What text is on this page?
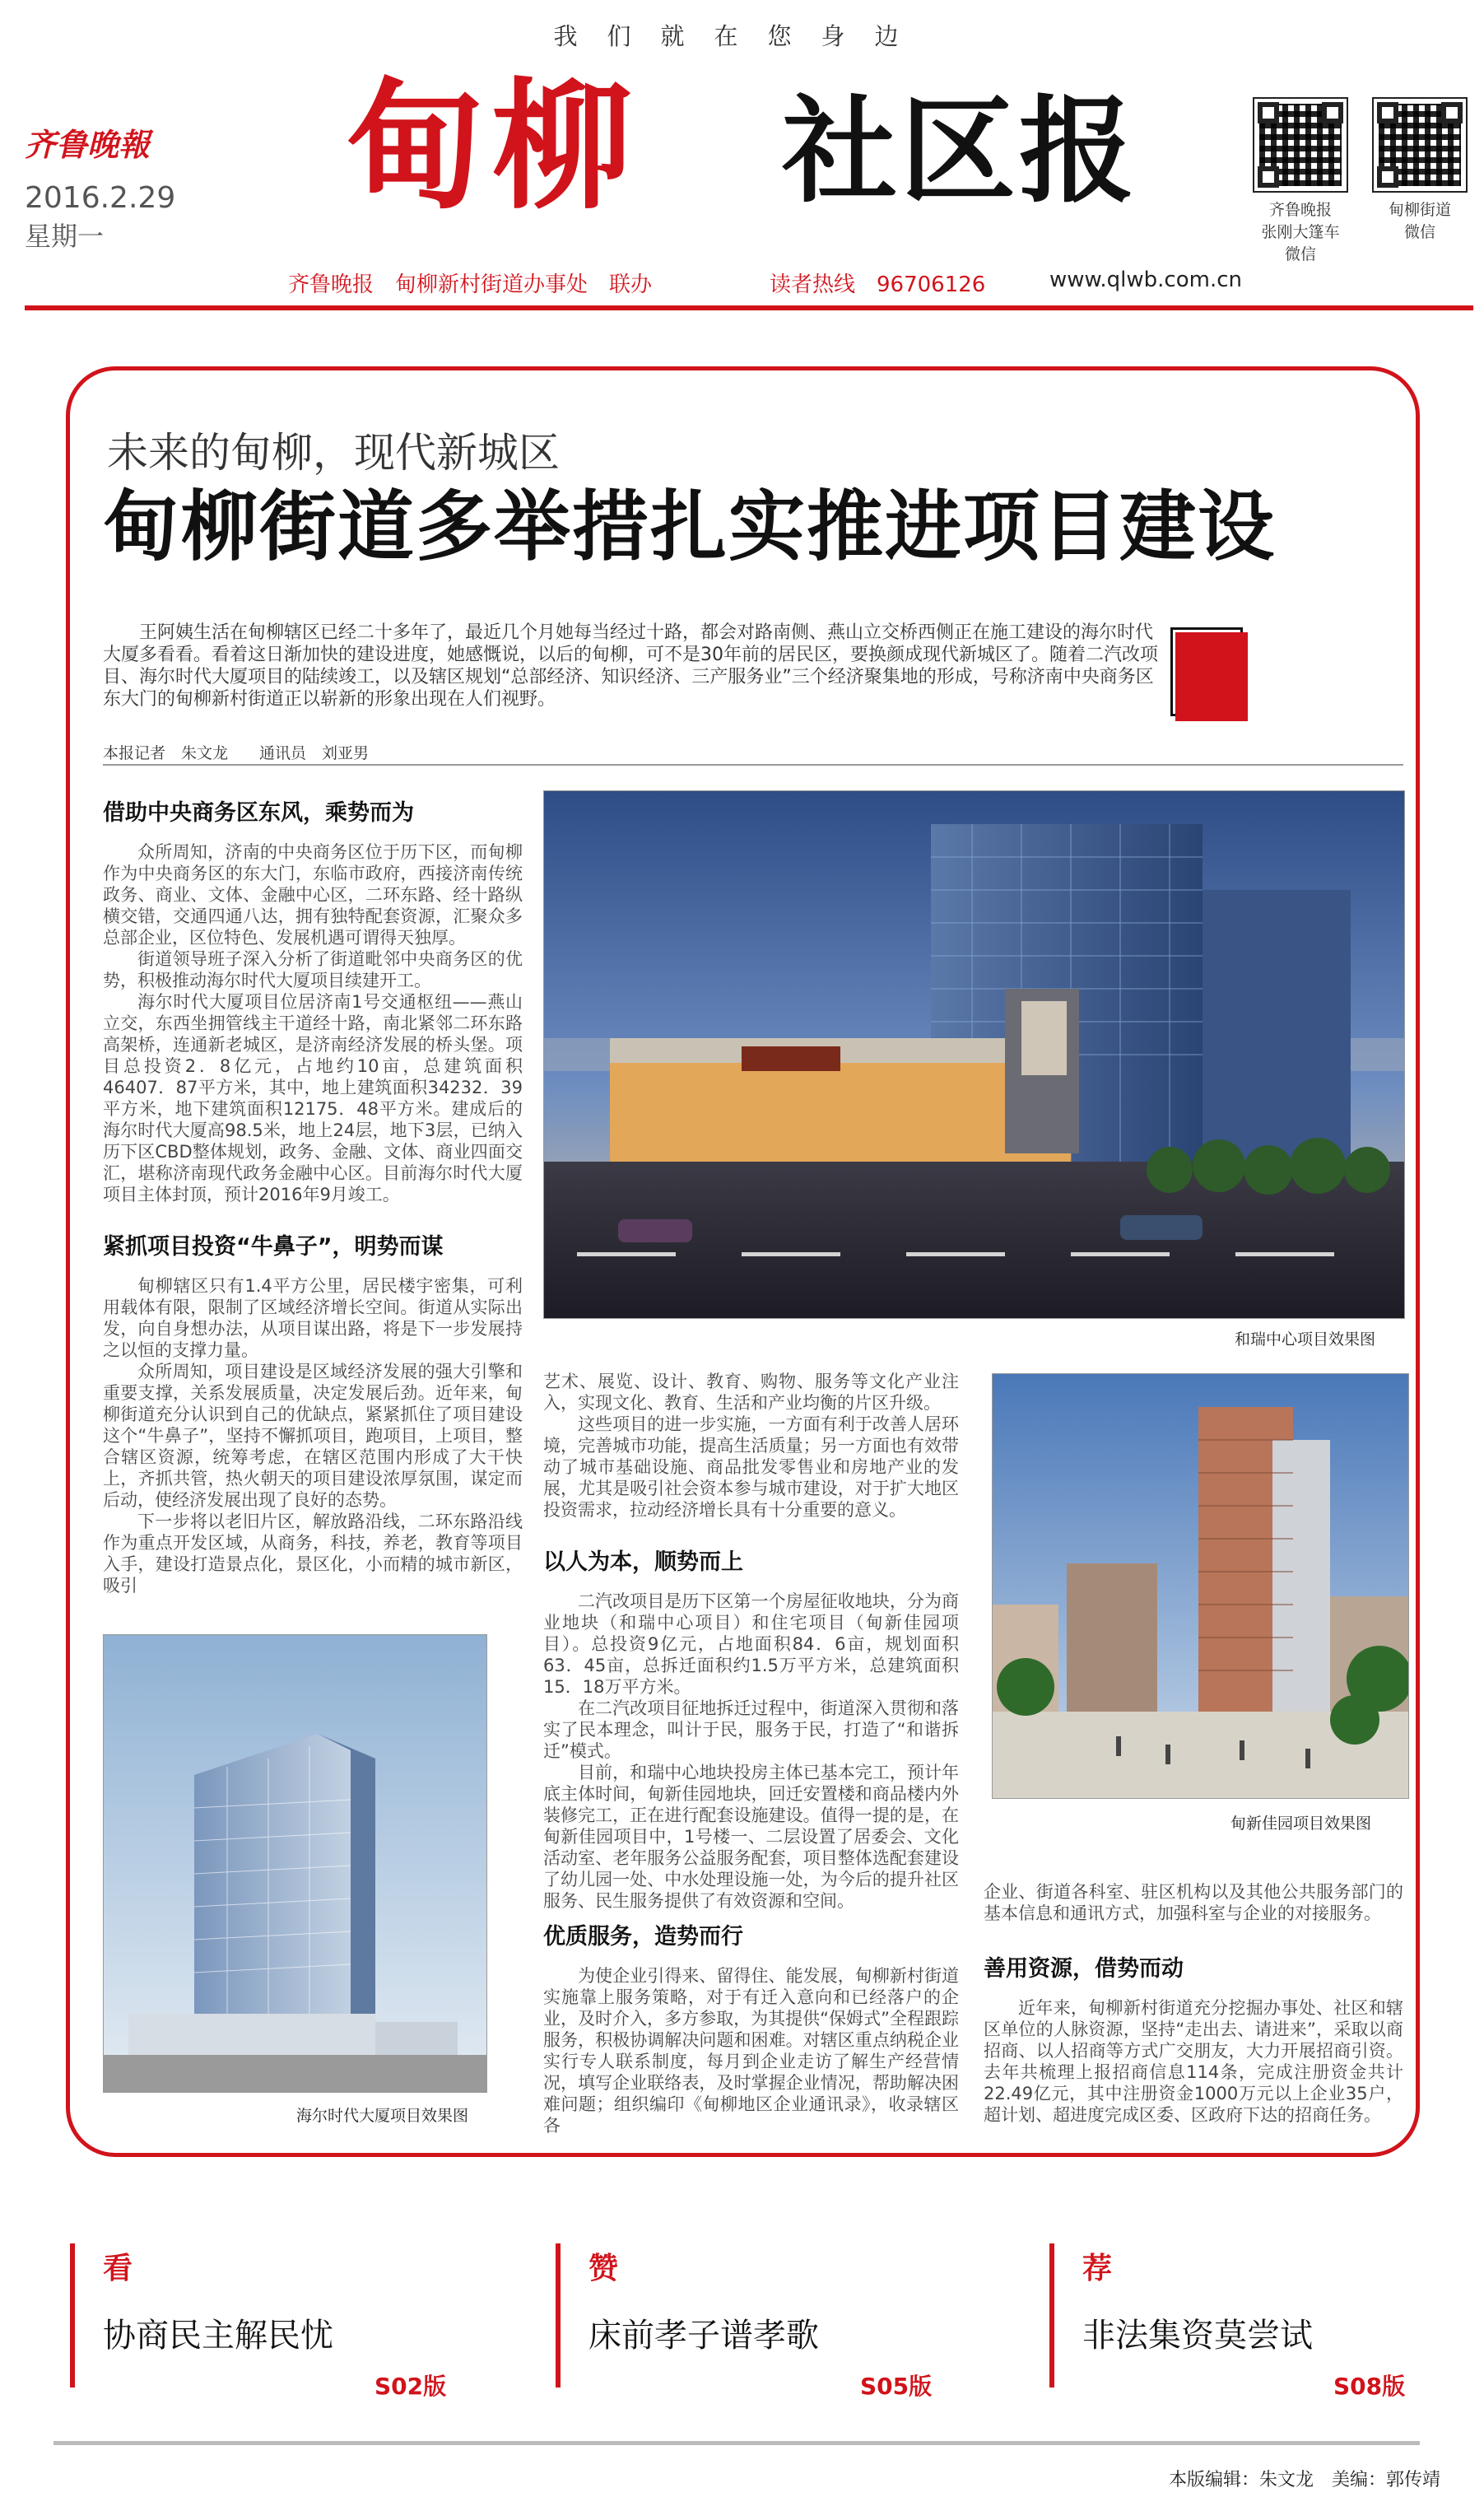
我们就在您身边
齐鲁晚報
2016.2.29
星期一
甸柳 社区报	齐鲁晚报
张刚大篷车
微信
甸柳街道
微信
齐鲁晚报　甸柳新村街道办事处　联办	读者热线　96706126	www.qlwb.com.cn
未来的甸柳，现代新城区
甸柳街道多举措扎实推进项目建设
王阿姨生活在甸柳辖区已经二十多年了，最近几个月她每当经过十路，都会对路南侧、燕山立交桥西侧正在施工建设的海尔时代大厦多看看。看着这日渐加快的建设进度，她感慨说，以后的甸柳，可不是30年前的居民区，要换颜成现代新城区了。随着二汽改项目、海尔时代大厦项目的陆续竣工，以及辖区规划“总部经济、知识经济、三产服务业”三个经济聚集地的形成，号称济南中央商务区东大门的甸柳新村街道正以崭新的形象出现在人们视野。
本报记者　朱文龙　　通讯员　刘亚男
借助中央商务区东风，乘势而为

众所周知，济南的中央商务区位于历下区，而甸柳作为中央商务区的东大门，东临市政府，西接济南传统政务、商业、文体、金融中心区，二环东路、经十路纵横交错，交通四通八达，拥有独特配套资源，汇聚众多总部企业，区位特色、发展机遇可谓得天独厚。

街道领导班子深入分析了街道毗邻中央商务区的优势，积极推动海尔时代大厦项目续建开工。

海尔时代大厦项目位居济南1号交通枢纽——燕山立交，东西坐拥管线主干道经十路，南北紧邻二环东路高架桥，连通新老城区，是济南经济发展的桥头堡。项目总投资2．8亿元，占地约10亩，总建筑面积46407．87平方米，其中，地上建筑面积34232．39平方米，地下建筑面积12175．48平方米。建成后的海尔时代大厦高98.5米，地上24层，地下3层，已纳入历下区CBD整体规划，政务、金融、文体、商业四面交汇，堪称济南现代政务金融中心区。目前海尔时代大厦项目主体封顶，预计2016年9月竣工。

紧抓项目投资“牛鼻子”，明势而谋

甸柳辖区只有1.4平方公里，居民楼宇密集，可利用载体有限，限制了区域经济增长空间。街道从实际出发，向自身想办法，从项目谋出路，将是下一步发展持之以恒的支撑力量。

众所周知，项目建设是区域经济发展的强大引擎和重要支撑，关系发展质量，决定发展后劲。近年来，甸柳街道充分认识到自己的优缺点，紧紧抓住了项目建设这个“牛鼻子”，坚持不懈抓项目，跑项目，上项目，整合辖区资源，统筹考虑，在辖区范围内形成了大干快上，齐抓共管，热火朝天的项目建设浓厚氛围，谋定而后动，使经济发展出现了良好的态势。

下一步将以老旧片区，解放路沿线，二环东路沿线作为重点开发区域，从商务，科技，养老，教育等项目入手，建设打造景点化，景区化，小而精的城市新区，吸引

和瑞中心项目效果图

艺术、展览、设计、教育、购物、服务等文化产业注入，实现文化、教育、生活和产业均衡的片区升级。

这些项目的进一步实施，一方面有利于改善人居环境，完善城市功能，提高生活质量；另一方面也有效带动了城市基础设施、商品批发零售业和房地产业的发展，尤其是吸引社会资本参与城市建设，对于扩大地区投资需求，拉动经济增长具有十分重要的意义。

以人为本，顺势而上

二汽改项目是历下区第一个房屋征收地块，分为商业地块（和瑞中心项目）和住宅项目（甸新佳园项目）。总投资9亿元，占地面积84．6亩，规划面积63．45亩，总拆迁面积约1.5万平方米，总建筑面积15．18万平方米。

在二汽改项目征地拆迁过程中，街道深入贯彻和落实了民本理念，叫计于民，服务于民，打造了“和谐拆迁”模式。

目前，和瑞中心地块投房主体已基本完工，预计年底主体时间，甸新佳园地块，回迁安置楼和商品楼内外装修完工，正在进行配套设施建设。值得一提的是，在甸新佳园项目中，1号楼一、二层设置了居委会、文化活动室、老年服务公益服务配套，项目整体选配套建设了幼儿园一处、中水处理设施一处，为今后的提升社区服务、民生服务提供了有效资源和空间。

甸新佳园项目效果图
海尔时代大厦项目效果图
优质服务，造势而行

为使企业引得来、留得住、能发展，甸柳新村街道实施靠上服务策略，对于有迁入意向和已经落户的企业，及时介入，多方参取，为其提供“保姆式”全程跟踪服务，积极协调解决问题和困难。对辖区重点纳税企业实行专人联系制度，每月到企业走访了解生产经营情况，填写企业联络表，及时掌握企业情况，帮助解决困难问题；组织编印《甸柳地区企业通讯录》，收录辖区各

企业、街道各科室、驻区机构以及其他公共服务部门的基本信息和通讯方式，加强科室与企业的对接服务。

善用资源，借势而动

近年来，甸柳新村街道充分挖掘办事处、社区和辖区单位的人脉资源，坚持“走出去、请进来”，采取以商招商、以人招商等方式广交朋友，大力开展招商引资。去年共梳理上报招商信息114条，完成注册资金共计22.49亿元，其中注册资金1000万元以上企业35户，超计划、超进度完成区委、区政府下达的招商任务。

看
协商民主解民忧
S02版
赞
床前孝子谱孝歌
S05版
荐
非法集资莫尝试
S08版
本版编辑：朱文龙　美编：郭传靖
